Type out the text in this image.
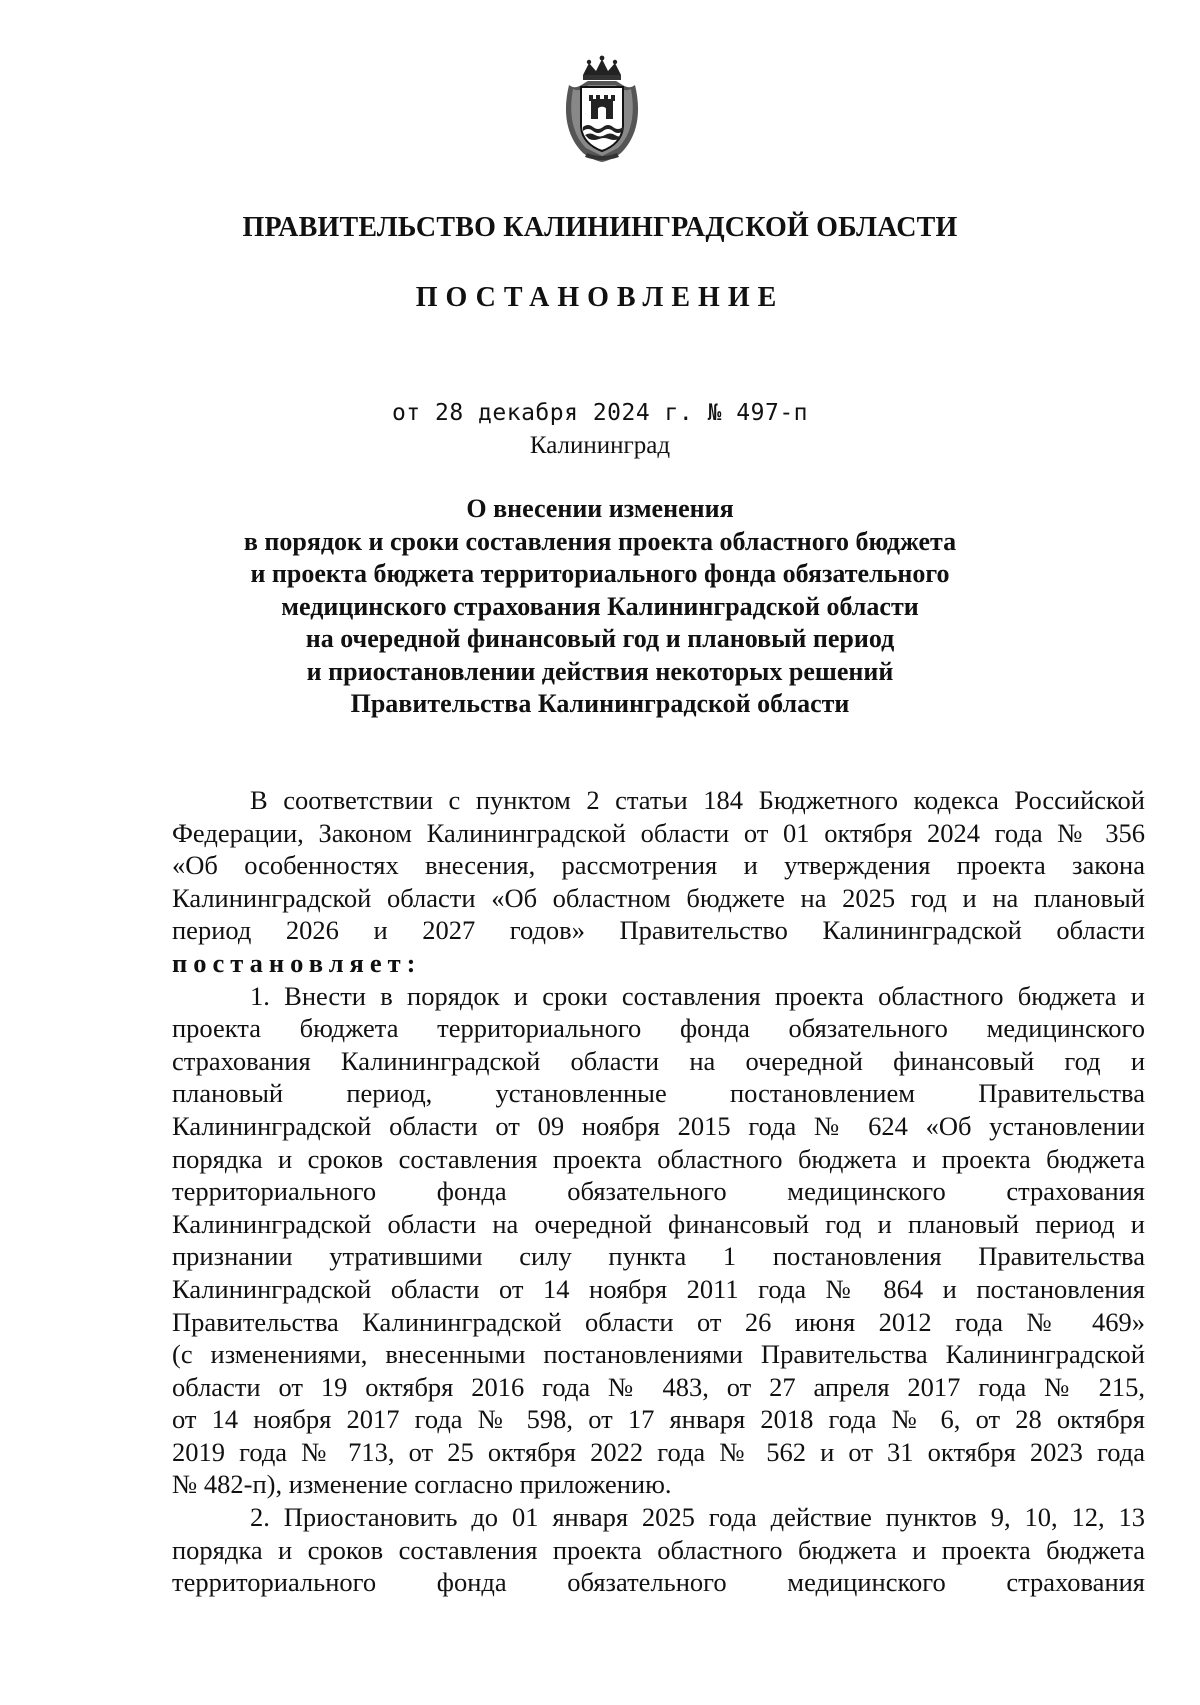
ПРАВИТЕЛЬСТВО КАЛИНИНГРАДСКОЙ ОБЛАСТИ
ПОСТАНОВЛЕНИЕ
от 28 декабря 2024 г. № 497-п
Калининград
О внесении изменения
в порядок и сроки составления проекта областного бюджета
и проекта бюджета территориального фонда обязательного
медицинского страхования Калининградской области
на очередной финансовый год и плановый период
и приостановлении действия некоторых решений
Правительства Калининградской области
В соответствии с пунктом 2 статьи 184 Бюджетного кодекса Российской
Федерации, Законом Калининградской области от 01 октября 2024 года № 356
«Об особенностях внесения, рассмотрения и утверждения проекта закона
Калининградской области «Об областном бюджете на 2025 год и на плановый
период 2026 и 2027 годов» Правительство Калининградской области
постановляет:
1. Внести в порядок и сроки составления проекта областного бюджета и
проекта бюджета территориального фонда обязательного медицинского
страхования Калининградской области на очередной финансовый год и
плановый период, установленные постановлением Правительства
Калининградской области от 09 ноября 2015 года № 624 «Об установлении
порядка и сроков составления проекта областного бюджета и проекта бюджета
территориального фонда обязательного медицинского страхования
Калининградской области на очередной финансовый год и плановый период и
признании утратившими силу пункта 1 постановления Правительства
Калининградской области от 14 ноября 2011 года № 864 и постановления
Правительства Калининградской области от 26 июня 2012 года № 469»
(с изменениями, внесенными постановлениями Правительства Калининградской
области от 19 октября 2016 года № 483, от 27 апреля 2017 года № 215,
от 14 ноября 2017 года № 598, от 17 января 2018 года № 6, от 28 октября
2019 года № 713, от 25 октября 2022 года № 562 и от 31 октября 2023 года
№ 482-п), изменение согласно приложению.
2. Приостановить до 01 января 2025 года действие пунктов 9, 10, 12, 13
порядка и сроков составления проекта областного бюджета и проекта бюджета
территориального фонда обязательного медицинского страхования
